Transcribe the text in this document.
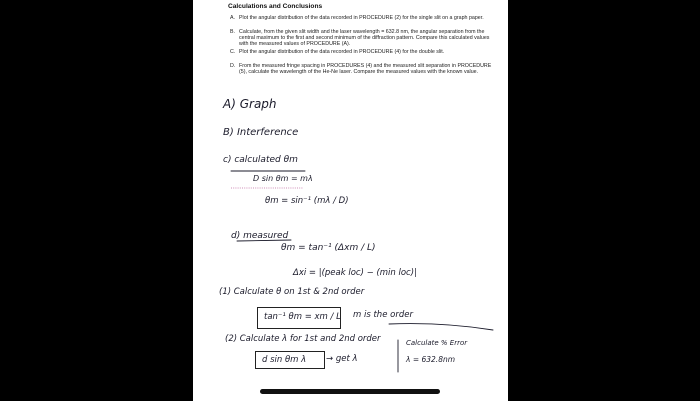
Calculations and Conclusions
A. Plot the angular distribution of the data recorded in PROCEDURE (2) for the single slit on a graph paper.
B. Calculate, from the given slit width and the laser wavelength = 632.8 nm, the angular separation from the central maximum to the first and second minimum of the diffraction pattern. Compare this calculated values with the measured values of PROCEDURE (A).
C. Plot the angular distribution of the data recorded in PROCEDURE (4) for the double slit.
D. From the measured fringe spacing in PROCEDURES (4) and the measured slit separation in PROCEDURE (5), calculate the wavelength of the He-Ne laser. Compare the measured values with the known value.
A) Graph
B) Interference
c) calculated θm
D sin θm = mλ
θm = sin⁻¹ (mλ / D)
d) measured
θm = tan⁻¹ (Δxm / L)
Δxi = |(peak loc) − (min loc)|
(1) Calculate θ on 1st & 2nd order
tan⁻¹ θm = xm / L m is the order
(2) Calculate λ for 1st and 2nd order
d sin θm λ → get λ
Calculate % Error
λ = 632.8nm
